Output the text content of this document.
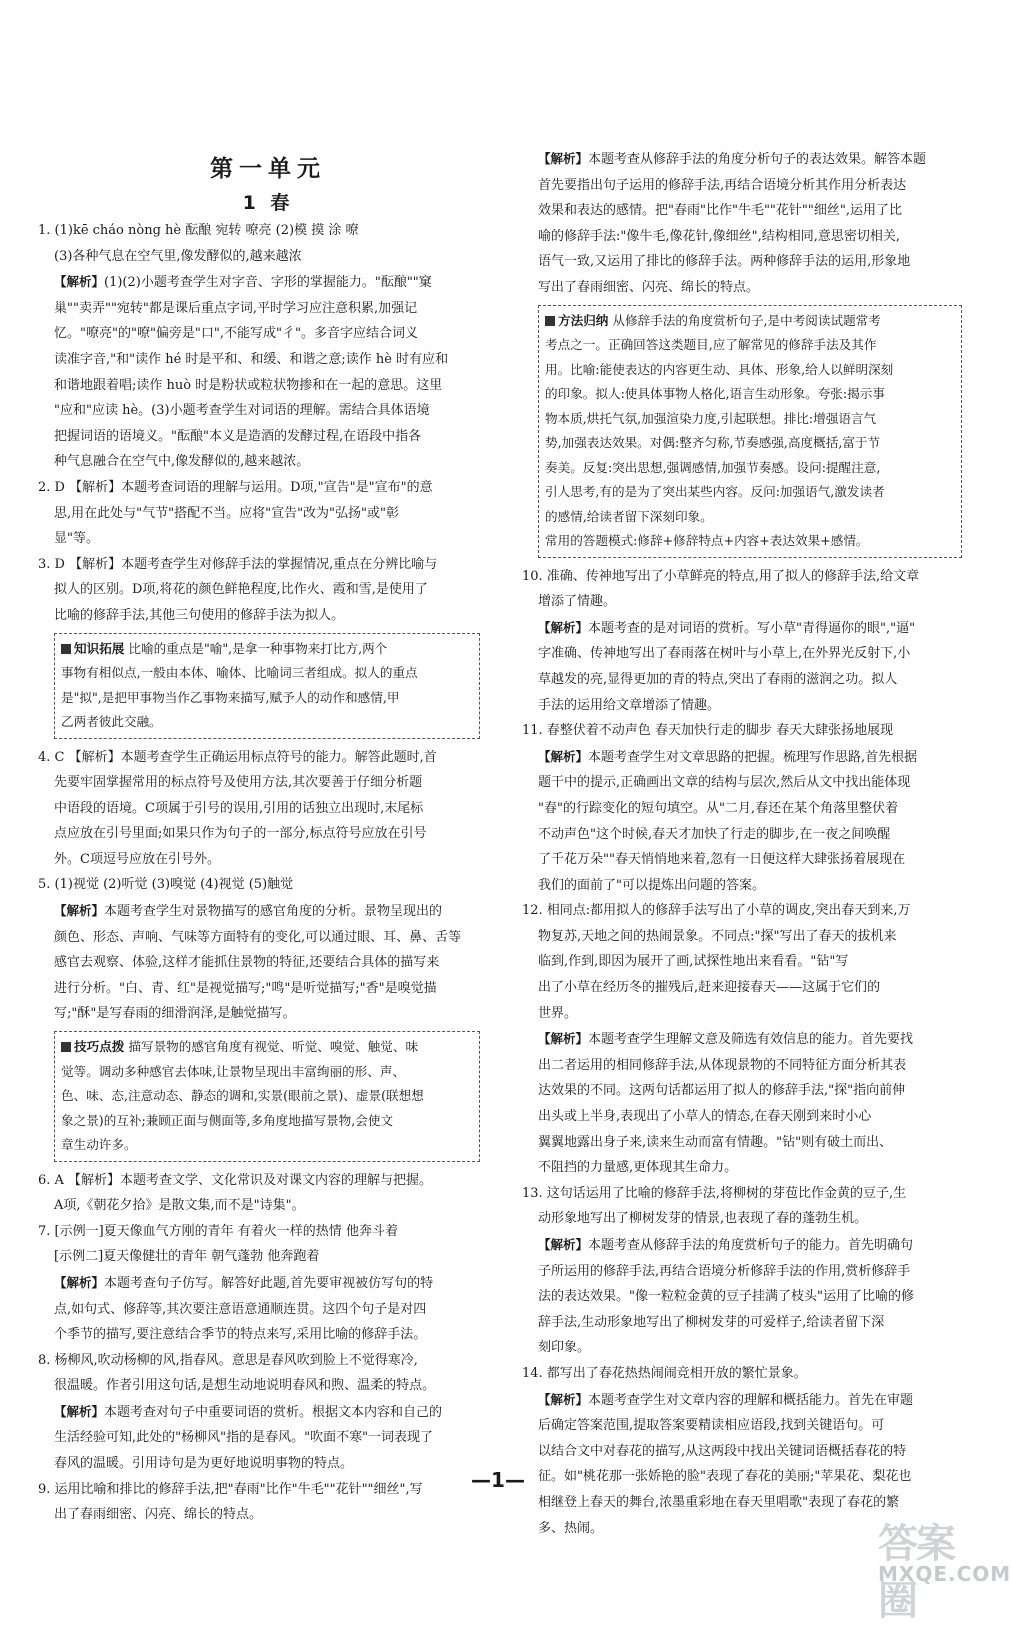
第一单元
1 春
1. (1)kē cháo nòng hè 酝酿 宛转 嘹亮 (2)模 摸 涂 嘹
(3)各种气息在空气里,像发酵似的,越来越浓
【解析】(1)(2)小题考查学生对字音、字形的掌握能力。"酝酿""窠
巢""卖弄""宛转"都是课后重点字词,平时学习应注意积累,加强记
忆。"嘹亮"的"嘹"偏旁是"口",不能写成"彳"。多音字应结合词义
读准字音,"和"读作 hé 时是平和、和缓、和谐之意;读作 hè 时有应和
和谐地跟着唱;读作 huò 时是粉状或粒状物掺和在一起的意思。这里
"应和"应读 hè。(3)小题考查学生对词语的理解。需结合具体语境
把握词语的语境义。"酝酿"本义是造酒的发酵过程,在语段中指各
种气息融合在空气中,像发酵似的,越来越浓。
2. D 【解析】本题考查词语的理解与运用。D项,"宣告"是"宣布"的意
思,用在此处与"气节"搭配不当。应将"宣告"改为"弘扬"或"彰
显"等。
3. D 【解析】本题考查学生对修辞手法的掌握情况,重点在分辨比喻与
拟人的区别。D项,将花的颜色鲜艳程度,比作火、霞和雪,是使用了
比喻的修辞手法,其他三句使用的修辞手法为拟人。
知识拓展 比喻的重点是"喻",是拿一种事物来打比方,两个
事物有相似点,一般由本体、喻体、比喻词三者组成。拟人的重点
是"拟",是把甲事物当作乙事物来描写,赋予人的动作和感情,甲
乙两者彼此交融。
4. C 【解析】本题考查学生正确运用标点符号的能力。解答此题时,首
先要牢固掌握常用的标点符号及使用方法,其次要善于仔细分析题
中语段的语境。C项属于引号的误用,引用的话独立出现时,末尾标
点应放在引号里面;如果只作为句子的一部分,标点符号应放在引号
外。C项逗号应放在引号外。
5. (1)视觉 (2)听觉 (3)嗅觉 (4)视觉 (5)触觉
【解析】本题考查学生对景物描写的感官角度的分析。景物呈现出的
颜色、形态、声响、气味等方面特有的变化,可以通过眼、耳、鼻、舌等
感官去观察、体验,这样才能抓住景物的特征,还要结合具体的描写来
进行分析。"白、青、红"是视觉描写;"鸣"是听觉描写;"香"是嗅觉描
写;"酥"是写春雨的细滑润泽,是触觉描写。
技巧点拨 描写景物的感官角度有视觉、听觉、嗅觉、触觉、味
觉等。调动多种感官去体味,让景物呈现出丰富绚丽的形、声、
色、味、态,注意动态、静态的调和,实景(眼前之景)、虚景(联想想
象之景)的互补;兼顾正面与侧面等,多角度地描写景物,会使文
章生动许多。
6. A 【解析】本题考查文学、文化常识及对课文内容的理解与把握。
A项,《朝花夕拾》是散文集,而不是"诗集"。
7. [示例一]夏天像血气方刚的青年 有着火一样的热情 他奔斗着
[示例二]夏天像健壮的青年 朝气蓬勃 他奔跑着
【解析】本题考查句子仿写。解答好此题,首先要审视被仿写句的特
点,如句式、修辞等,其次要注意语意通顺连贯。这四个句子是对四
个季节的描写,要注意结合季节的特点来写,采用比喻的修辞手法。
8. 杨柳风,吹动杨柳的风,指春风。意思是春风吹到脸上不觉得寒冷,
很温暖。作者引用这句话,是想生动地说明春风和煦、温柔的特点。
【解析】本题考查对句子中重要词语的赏析。根据文本内容和自己的
生活经验可知,此处的"杨柳风"指的是春风。"吹面不寒"一词表现了
春风的温暖。引用诗句是为更好地说明事物的特点。
9. 运用比喻和排比的修辞手法,把"春雨"比作"牛毛""花针""细丝",写
出了春雨细密、闪亮、绵长的特点。
【解析】本题考查从修辞手法的角度分析句子的表达效果。解答本题
首先要指出句子运用的修辞手法,再结合语境分析其作用分析表达
效果和表达的感情。把"春雨"比作"牛毛""花针""细丝",运用了比
喻的修辞手法:"像牛毛,像花针,像细丝",结构相同,意思密切相关,
语气一致,又运用了排比的修辞手法。两种修辞手法的运用,形象地
写出了春雨细密、闪亮、绵长的特点。
方法归纳 从修辞手法的角度赏析句子,是中考阅读试题常考
考点之一。正确回答这类题目,应了解常见的修辞手法及其作
用。比喻:能使表达的内容更生动、具体、形象,给人以鲜明深刻
的印象。拟人:使具体事物人格化,语言生动形象。夸张:揭示事
物本质,烘托气氛,加强渲染力度,引起联想。排比:增强语言气
势,加强表达效果。对偶:整齐匀称,节奏感强,高度概括,富于节
奏美。反复:突出思想,强调感情,加强节奏感。设问:提醒注意,
引人思考,有的是为了突出某些内容。反问:加强语气,激发读者
的感情,给读者留下深刻印象。
常用的答题模式:修辞+修辞特点+内容+表达效果+感情。
10. 准确、传神地写出了小草鲜亮的特点,用了拟人的修辞手法,给文章
增添了情趣。
【解析】本题考查的是对词语的赏析。写小草"青得逼你的眼","逼"
字准确、传神地写出了春雨落在树叶与小草上,在外界光反射下,小
草越发的亮,显得更加的青的特点,突出了春雨的滋润之功。拟人
手法的运用给文章增添了情趣。
11. 春整伏着不动声色 春天加快行走的脚步 春天大肆张扬地展现
【解析】本题考查学生对文章思路的把握。梳理写作思路,首先根据
题干中的提示,正确画出文章的结构与层次,然后从文中找出能体现
"春"的行踪变化的短句填空。从"二月,春还在某个角落里整伏着
不动声色"这个时候,春天才加快了行走的脚步,在一夜之间唤醒
了千花万朵""春天悄悄地来着,忽有一日便这样大肆张扬着展现在
我们的面前了"可以提炼出问题的答案。
12. 相同点:都用拟人的修辞手法写出了小草的调皮,突出春天到来,万
物复苏,天地之间的热闹景象。不同点:"探"写出了春天的拔机来
临到,作到,即因为展开了画,试探性地出来看看。"钻"写
出了小草在经历冬的摧残后,赶来迎接春天——这属于它们的
世界。
【解析】本题考查学生理解文意及筛选有效信息的能力。首先要找
出二者运用的相同修辞手法,从体现景物的不同特征方面分析其表
达效果的不同。这两句话都运用了拟人的修辞手法,"探"指向前伸
出头或上半身,表现出了小草人的情态,在春天刚到来时小心
翼翼地露出身子来,读来生动而富有情趣。"钻"则有破土而出、
不阻挡的力量感,更体现其生命力。
13. 这句话运用了比喻的修辞手法,将柳树的芽苞比作金黄的豆子,生
动形象地写出了柳树发芽的情景,也表现了春的蓬勃生机。
【解析】本题考查从修辞手法的角度赏析句子的能力。首先明确句
子所运用的修辞手法,再结合语境分析修辞手法的作用,赏析修辞手
法的表达效果。"像一粒粒金黄的豆子挂满了枝头"运用了比喻的修
辞手法,生动形象地写出了柳树发芽的可爱样子,给读者留下深
刻印象。
14. 都写出了春花热热闹闹竞相开放的繁忙景象。
【解析】本题考查学生对文章内容的理解和概括能力。首先在审题
后确定答案范围,提取答案要精读相应语段,找到关键语句。可
以结合文中对春花的描写,从这两段中找出关键词语概括春花的特
征。如"桃花那一张娇艳的脸"表现了春花的美丽;"苹果花、梨花也
相继登上春天的舞台,浓墨重彩地在春天里唱歌"表现了春花的繁
多、热闹。
—1—
答案圈
MXQE.COM
